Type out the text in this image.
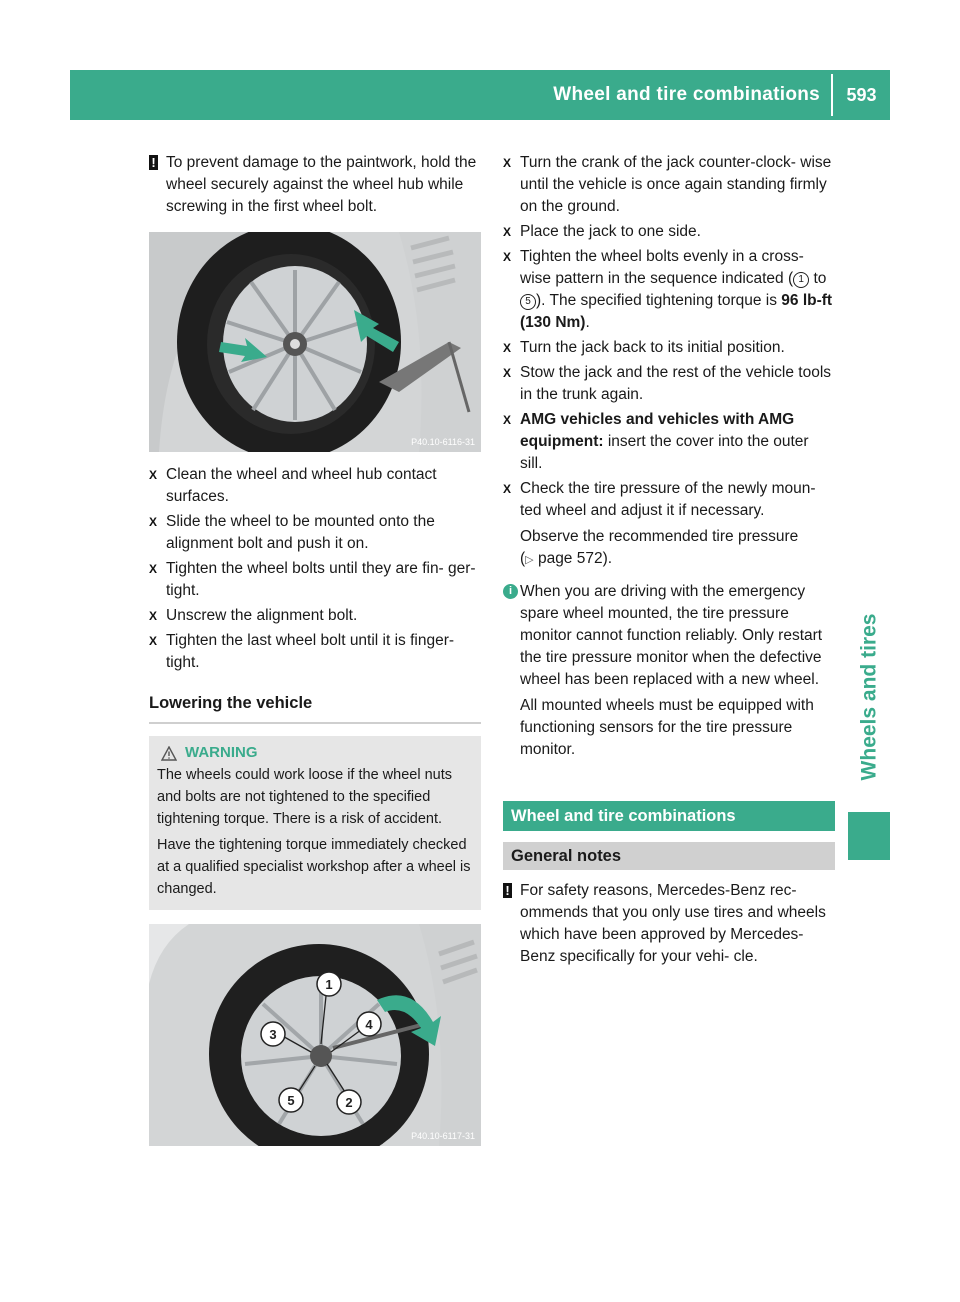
Wheel and tire combinations	593
Wheels and tires

! To prevent damage to the paintwork, hold the wheel securely against the wheel hub while screwing in the first wheel bolt.

P40.10-6116-31

X Clean the wheel and wheel hub contact surfaces.

X Slide the wheel to be mounted onto the alignment bolt and push it on.

X Tighten the wheel bolts until they are fin- ger-tight.

X Unscrew the alignment bolt.

X Tighten the last wheel bolt until it is finger- tight.

Lowering the vehicle
WARNING

The wheels could work loose if the wheel nuts and bolts are not tightened to the specified tightening torque. There is a risk of accident.

Have the tightening torque immediately checked at a qualified specialist workshop after a wheel is changed.

1
2
3
4
5
P40.10-6117-31

X Turn the crank of the jack counter-clock- wise until the vehicle is once again standing firmly on the ground.

X Place the jack to one side.

X Tighten the wheel bolts evenly in a cross- wise pattern in the sequence indicated ( 1 to 5 ). The specified tightening torque is 96 lb-ft (130 Nm).

X Turn the jack back to its initial position.

X Stow the jack and the rest of the vehicle tools in the trunk again.

X AMG vehicles and vehicles with AMG equipment: insert the cover into the outer sill.

X Check the tire pressure of the newly moun- ted wheel and adjust it if necessary.

Observe the recommended tire pressure
(▷ page 572).

i When you are driving with the emergency spare wheel mounted, the tire pressure monitor cannot function reliably. Only restart the tire pressure monitor when the defective wheel has been replaced with a new wheel.

All mounted wheels must be equipped with functioning sensors for the tire pressure monitor.

Wheel and tire combinations
General notes

! For safety reasons, Mercedes-Benz rec- ommends that you only use tires and wheels which have been approved by Mercedes-Benz specifically for your vehi- cle.
